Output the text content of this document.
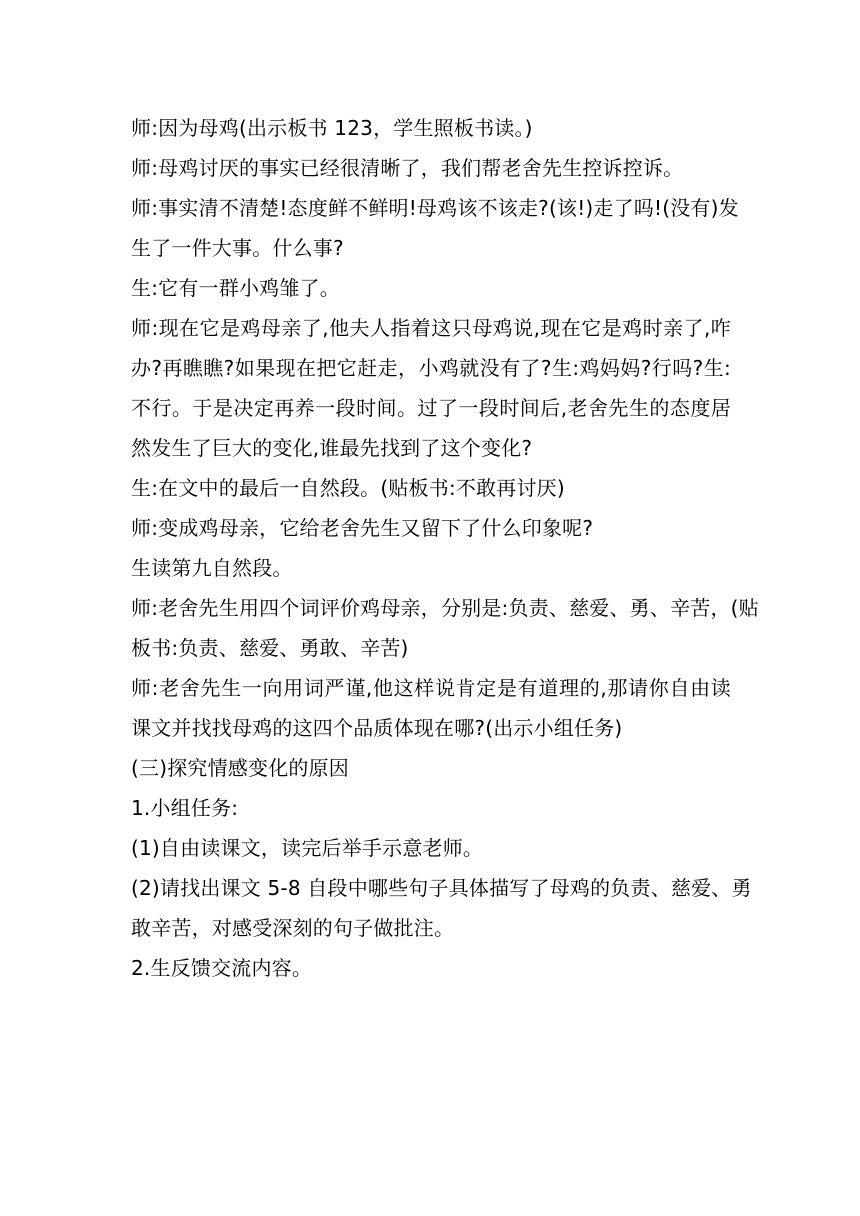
师:因为母鸡(出示板书 123，学生照板书读。)
师:母鸡讨厌的事实已经很清晰了，我们帮老舍先生控诉控诉。
师:事实清不清楚!态度鲜不鲜明!母鸡该不该走?(该!)走了吗!(没有)发
生了一件大事。什么事?
生:它有一群小鸡雏了。
师:现在它是鸡母亲了,他夫人指着这只母鸡说,现在它是鸡时亲了,咋
办?再瞧瞧?如果现在把它赶走，小鸡就没有了?生:鸡妈妈?行吗?生:
不行。于是决定再养一段时间。过了一段时间后,老舍先生的态度居
然发生了巨大的变化,谁最先找到了这个变化?
生:在文中的最后一自然段。(贴板书:不敢再讨厌)
师:变成鸡母亲，它给老舍先生又留下了什么印象呢?
生读第九自然段。
师:老舍先生用四个词评价鸡母亲，分别是:负责、慈爱、勇、辛苦，(贴
板书:负责、慈爱、勇敢、辛苦)
师:老舍先生一向用词严谨,他这样说肯定是有道理的,那请你自由读
课文并找找母鸡的这四个品质体现在哪?(出示小组任务)
(三)探究情感变化的原因
1.小组任务:
(1)自由读课文，读完后举手示意老师。
(2)请找出课文 5-8 自段中哪些句子具体描写了母鸡的负责、慈爱、勇
敢辛苦，对感受深刻的句子做批注。
2.生反馈交流内容。
